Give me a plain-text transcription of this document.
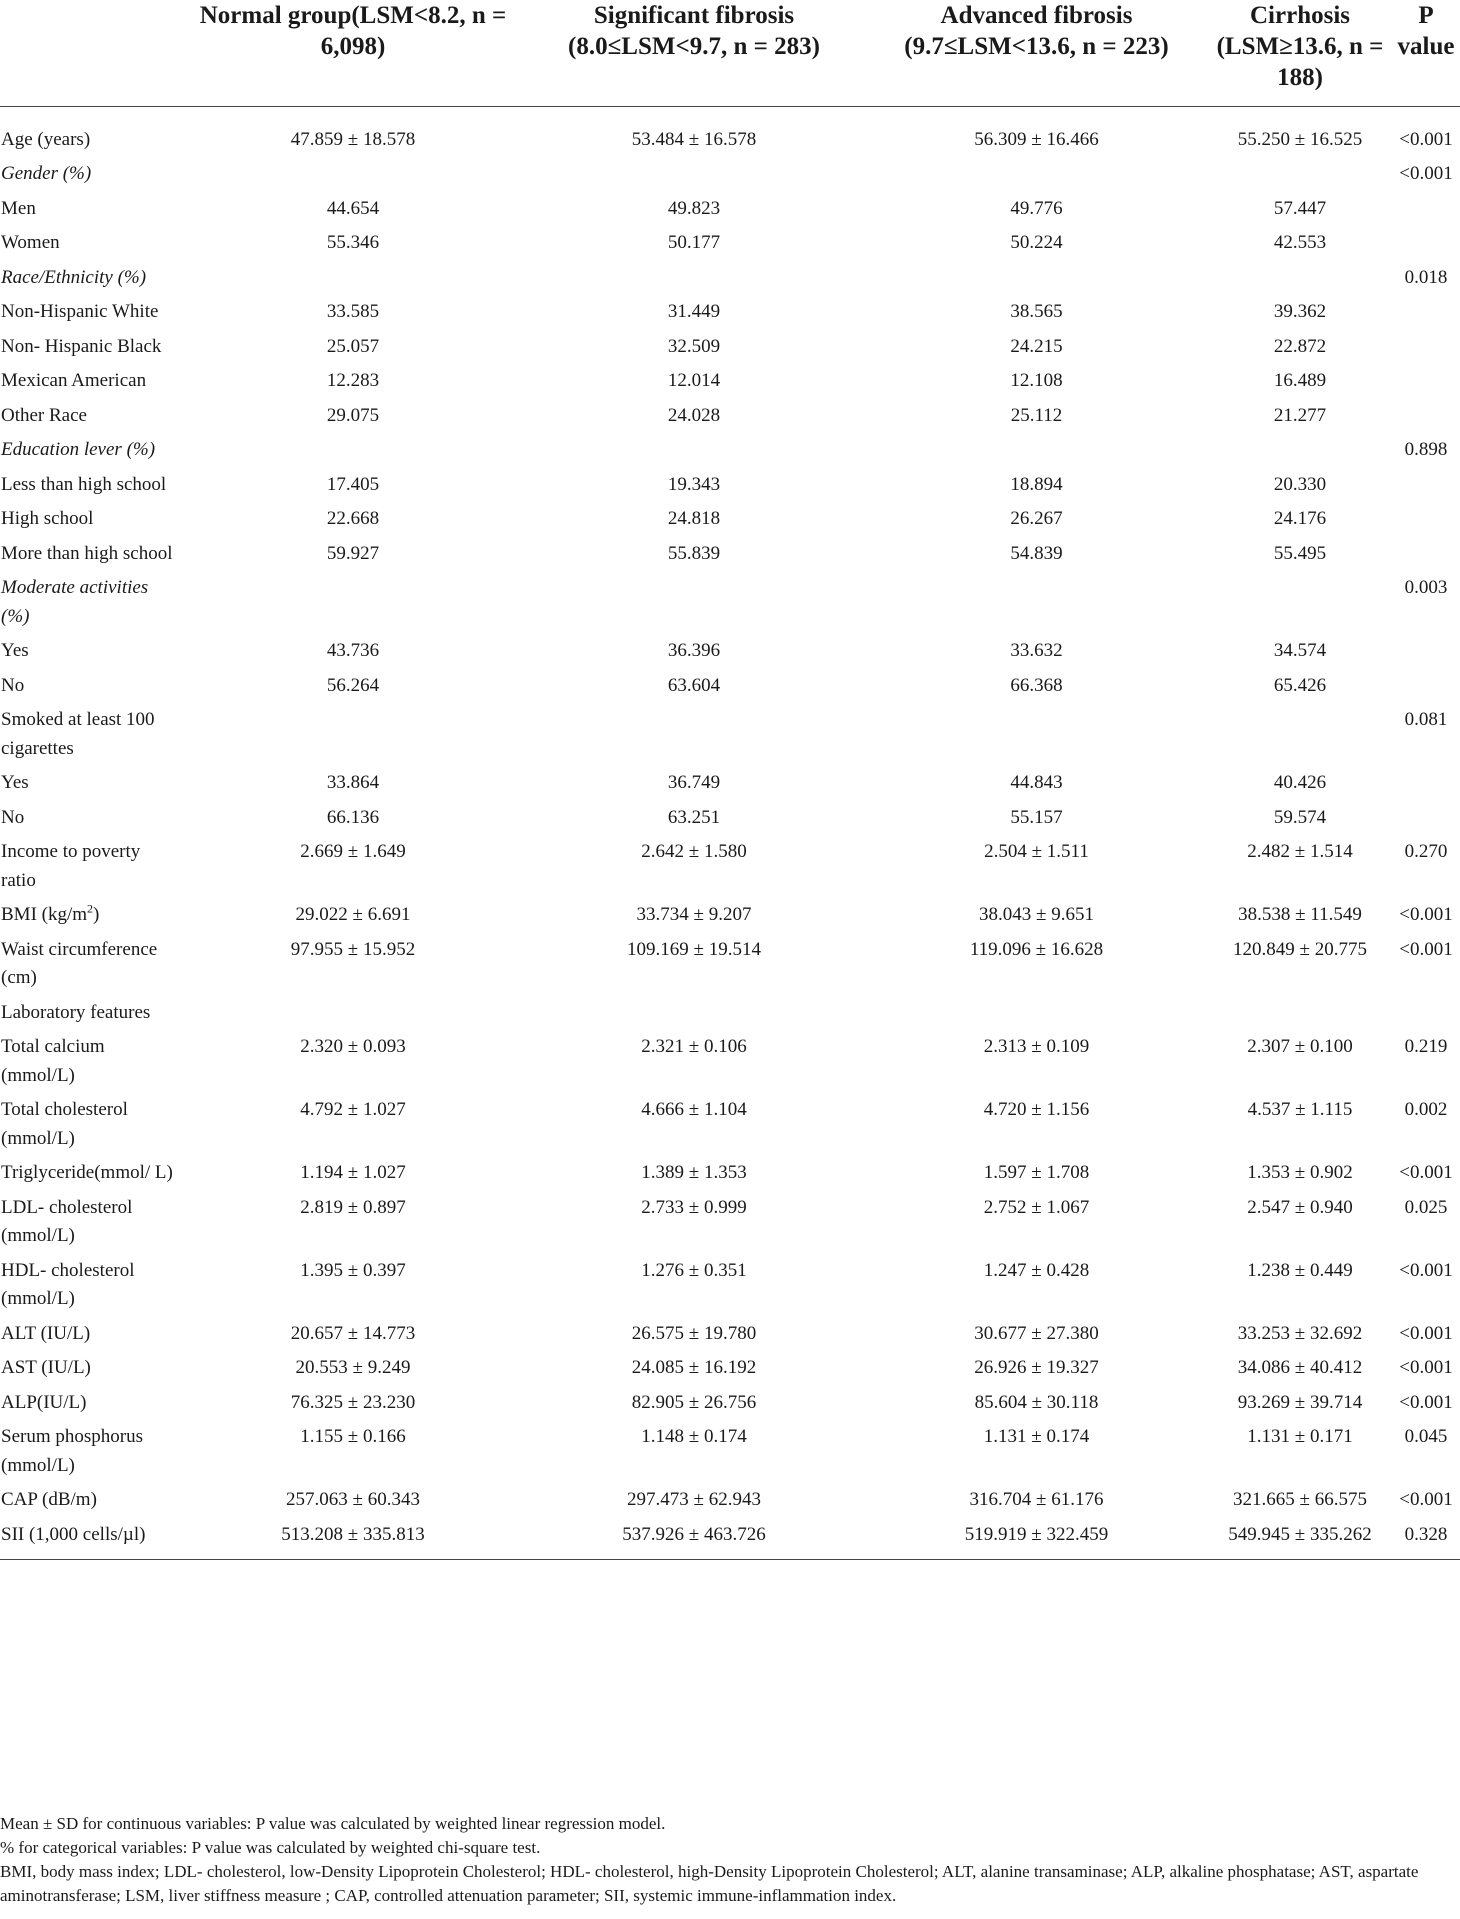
	Normal group(LSM<8.2, n = 6,098)	Significant fibrosis (8.0≤LSM<9.7, n = 283)	Advanced fibrosis (9.7≤LSM<13.6, n = 223)	Cirrhosis (LSM≥13.6, n = 188)	P value
Age (years)	47.859 ± 18.578	53.484 ± 16.578	56.309 ± 16.466	55.250 ± 16.525	<0.001
Gender (%)					<0.001
Men	44.654	49.823	49.776	57.447	
Women	55.346	50.177	50.224	42.553	
Race/Ethnicity (%)					0.018
Non-Hispanic White	33.585	31.449	38.565	39.362	
Non- Hispanic Black	25.057	32.509	24.215	22.872	
Mexican American	12.283	12.014	12.108	16.489	
Other Race	29.075	24.028	25.112	21.277	
Education lever (%)					0.898
Less than high school	17.405	19.343	18.894	20.330	
High school	22.668	24.818	26.267	24.176	
More than high school	59.927	55.839	54.839	55.495	
Moderate activities (%)					0.003
Yes	43.736	36.396	33.632	34.574	
No	56.264	63.604	66.368	65.426	
Smoked at least 100 cigarettes					0.081
Yes	33.864	36.749	44.843	40.426	
No	66.136	63.251	55.157	59.574	
Income to poverty ratio	2.669 ± 1.649	2.642 ± 1.580	2.504 ± 1.511	2.482 ± 1.514	0.270
BMI $(kg/m^2)$	29.022 ± 6.691	33.734 ± 9.207	38.043 ± 9.651	38.538 ± 11.549	<0.001
Waist circumference (cm)	97.955 ± 15.952	109.169 ± 19.514	119.096 ± 16.628	120.849 ± 20.775	<0.001
Laboratory features					
Total calcium (mmol/L)	2.320 ± 0.093	2.321 ± 0.106	2.313 ± 0.109	2.307 ± 0.100	0.219
Total cholesterol (mmol/L)	4.792 ± 1.027	4.666 ± 1.104	4.720 ± 1.156	4.537 ± 1.115	0.002
Triglyceride(mmol/ L)	1.194 ± 1.027	1.389 ± 1.353	1.597 ± 1.708	1.353 ± 0.902	<0.001
LDL- cholesterol (mmol/L)	2.819 ± 0.897	2.733 ± 0.999	2.752 ± 1.067	2.547 ± 0.940	0.025
HDL- cholesterol (mmol/L)	1.395 ± 0.397	1.276 ± 0.351	1.247 ± 0.428	1.238 ± 0.449	<0.001
ALT (IU/L)	20.657 ± 14.773	26.575 ± 19.780	30.677 ± 27.380	33.253 ± 32.692	<0.001
AST (IU/L)	20.553 ± 9.249	24.085 ± 16.192	26.926 ± 19.327	34.086 ± 40.412	<0.001
ALP(IU/L)	76.325 ± 23.230	82.905 ± 26.756	85.604 ± 30.118	93.269 ± 39.714	<0.001
Serum phosphorus (mmol/L)	1.155 ± 0.166	1.148 ± 0.174	1.131 ± 0.174	1.131 ± 0.171	0.045
CAP (dB/m)	257.063 ± 60.343	297.473 ± 62.943	316.704 ± 61.176	321.665 ± 66.575	<0.001
SII (1,000 cells/µl)	513.208 ± 335.813	537.926 ± 463.726	519.919 ± 322.459	549.945 ± 335.262	0.328
Mean ± SD for continuous variables: P value was calculated by weighted linear regression model.
% for categorical variables: P value was calculated by weighted chi-square test.
BMI, body mass index; LDL- cholesterol, low-Density Lipoprotein Cholesterol; HDL- cholesterol, high-Density Lipoprotein Cholesterol; ALT, alanine transaminase; ALP, alkaline phosphatase; AST, aspartate aminotransferase; LSM, liver stiffness measure ; CAP, controlled attenuation parameter; SII, systemic immune-inflammation index.
